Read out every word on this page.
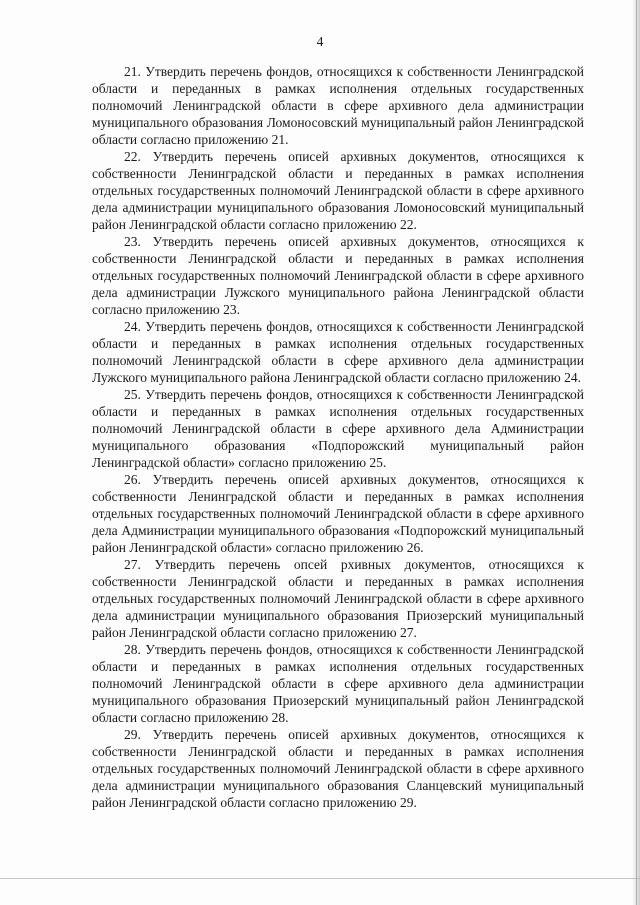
4

21. Утвердить перечень фондов, относящихся к собственности Ленинградской области и переданных в рамках исполнения отдельных государственных полномочий Ленинградской области в сфере архивного дела администрации муниципального образования Ломоносовский муниципальный район Ленинградской области согласно приложению 21.

22. Утвердить перечень описей архивных документов, относящихся к собственности Ленинградской области и переданных в рамках исполнения отдельных государственных полномочий Ленинградской области в сфере архивного дела администрации муниципального образования Ломоносовский муниципальный район Ленинградской области согласно приложению 22.

23. Утвердить перечень описей архивных документов, относящихся к собственности Ленинградской области и переданных в рамках исполнения отдельных государственных полномочий Ленинградской области в сфере архивного дела администрации Лужского муниципального района Ленинградской области согласно приложению 23.

24. Утвердить перечень фондов, относящихся к собственности Ленинградской области и переданных в рамках исполнения отдельных государственных полномочий Ленинградской области в сфере архивного дела администрации Лужского муниципального района Ленинградской области согласно приложению 24.

25. Утвердить перечень фондов, относящихся к собственности Ленинградской области и переданных в рамках исполнения отдельных государственных полномочий Ленинградской области в сфере архивного дела Администрации муниципального образования «Подпорожский муниципальный район Ленинградской области» согласно приложению 25.

26. Утвердить перечень описей архивных документов, относящихся к собственности Ленинградской области и переданных в рамках исполнения отдельных государственных полномочий Ленинградской области в сфере архивного дела Администрации муниципального образования «Подпорожский муниципальный район Ленинградской области» согласно приложению 26.

27. Утвердить перечень опсей рхивных документов, относящихся к собственности Ленинградской области и переданных в рамках исполнения отдельных государственных полномочий Ленинградской области в сфере архивного дела администрации муниципального образования Приозерский муниципальный район Ленинградской области согласно приложению 27.

28. Утвердить перечень фондов, относящихся к собственности Ленинградской области и переданных в рамках исполнения отдельных государственных полномочий Ленинградской области в сфере архивного дела администрации муниципального образования Приозерский муниципальный район Ленинградской области согласно приложению 28.

29. Утвердить перечень описей архивных документов, относящихся к собственности Ленинградской области и переданных в рамках исполнения отдельных государственных полномочий Ленинградской области в сфере архивного дела администрации муниципального образования Сланцевский муниципальный район Ленинградской области согласно приложению 29.
